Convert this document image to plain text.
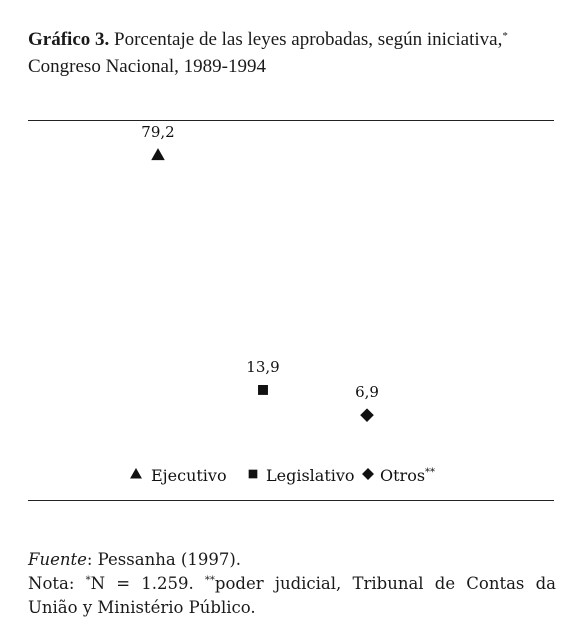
Gráfico 3. Porcentaje de las leyes aprobadas, según iniciativa,*
Congreso Nacional, 1989-1994
79,2
13,9
6,9
Ejecutivo Legislativo Otros**
Fuente: Pessanha (1997).
Nota: *N = 1.259. **poder judicial, Tribunal de Contas da
União y Ministério Público.
